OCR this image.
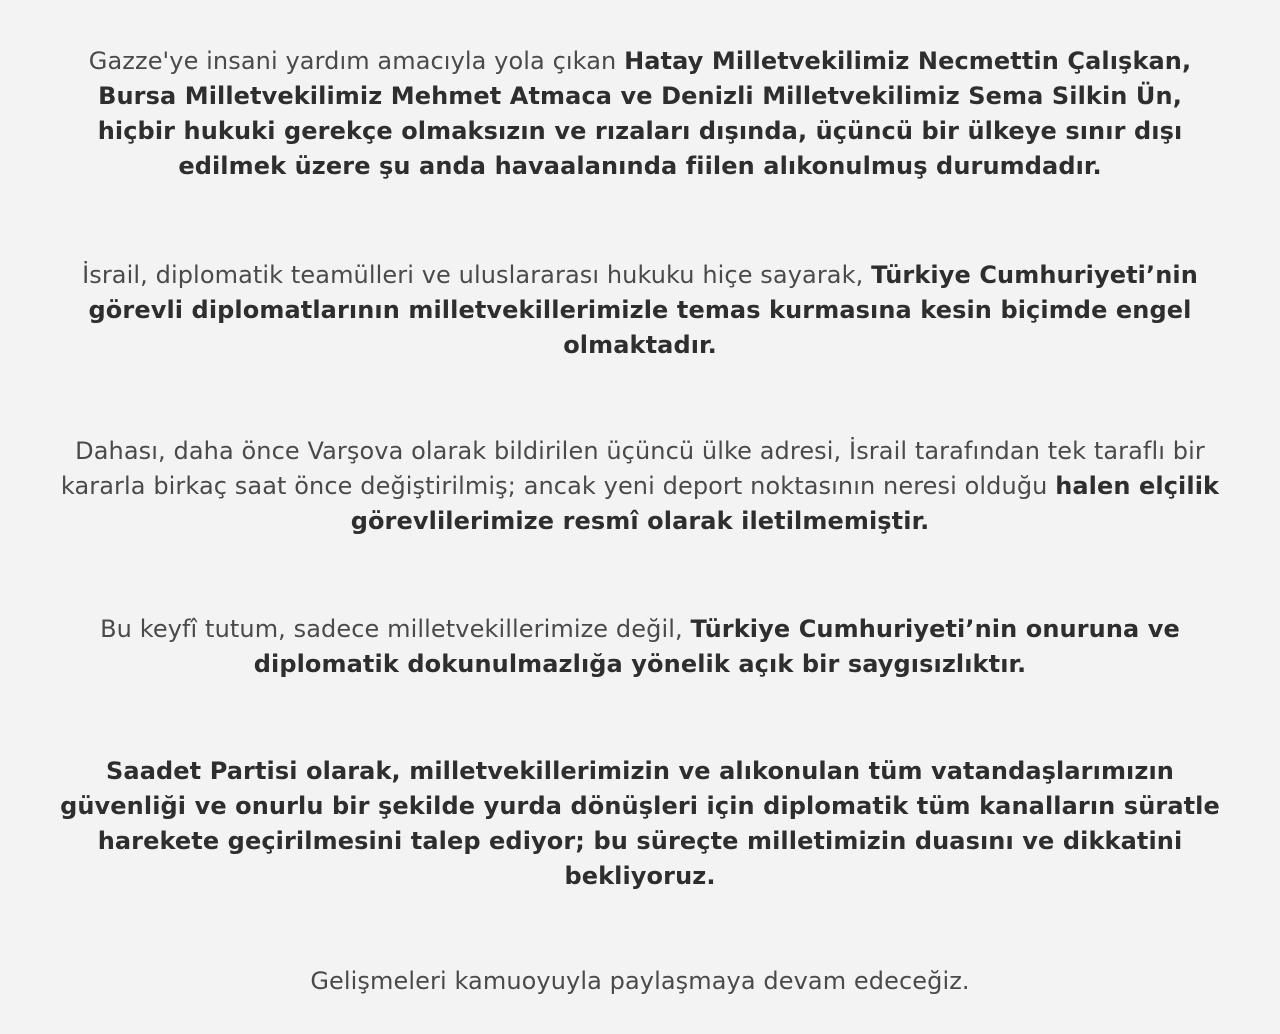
Gazze'ye insani yardım amacıyla yola çıkan Hatay Milletvekilimiz Necmettin Çalışkan, Bursa Milletvekilimiz Mehmet Atmaca ve Denizli Milletvekilimiz Sema Silkin Ün, hiçbir hukuki gerekçe olmaksızın ve rızaları dışında, üçüncü bir ülkeye sınır dışı edilmek üzere şu anda havaalanında fiilen alıkonulmuş durumdadır.

İsrail, diplomatik teamülleri ve uluslararası hukuku hiçe sayarak, Türkiye Cumhuriyeti’nin görevli diplomatlarının milletvekillerimizle temas kurmasına kesin biçimde engel olmaktadır.

Dahası, daha önce Varşova olarak bildirilen üçüncü ülke adresi, İsrail tarafından tek taraflı bir kararla birkaç saat önce değiştirilmiş; ancak yeni deport noktasının neresi olduğu halen elçilik görevlilerimize resmî olarak iletilmemiştir.

Bu keyfî tutum, sadece milletvekillerimize değil, Türkiye Cumhuriyeti’nin onuruna ve diplomatik dokunulmazlığa yönelik açık bir saygısızlıktır.

Saadet Partisi olarak, milletvekillerimizin ve alıkonulan tüm vatandaşlarımızın güvenliği ve onurlu bir şekilde yurda dönüşleri için diplomatik tüm kanalların süratle harekete geçirilmesini talep ediyor; bu süreçte milletimizin duasını ve dikkatini bekliyoruz.

Gelişmeleri kamuoyuyla paylaşmaya devam edeceğiz.
